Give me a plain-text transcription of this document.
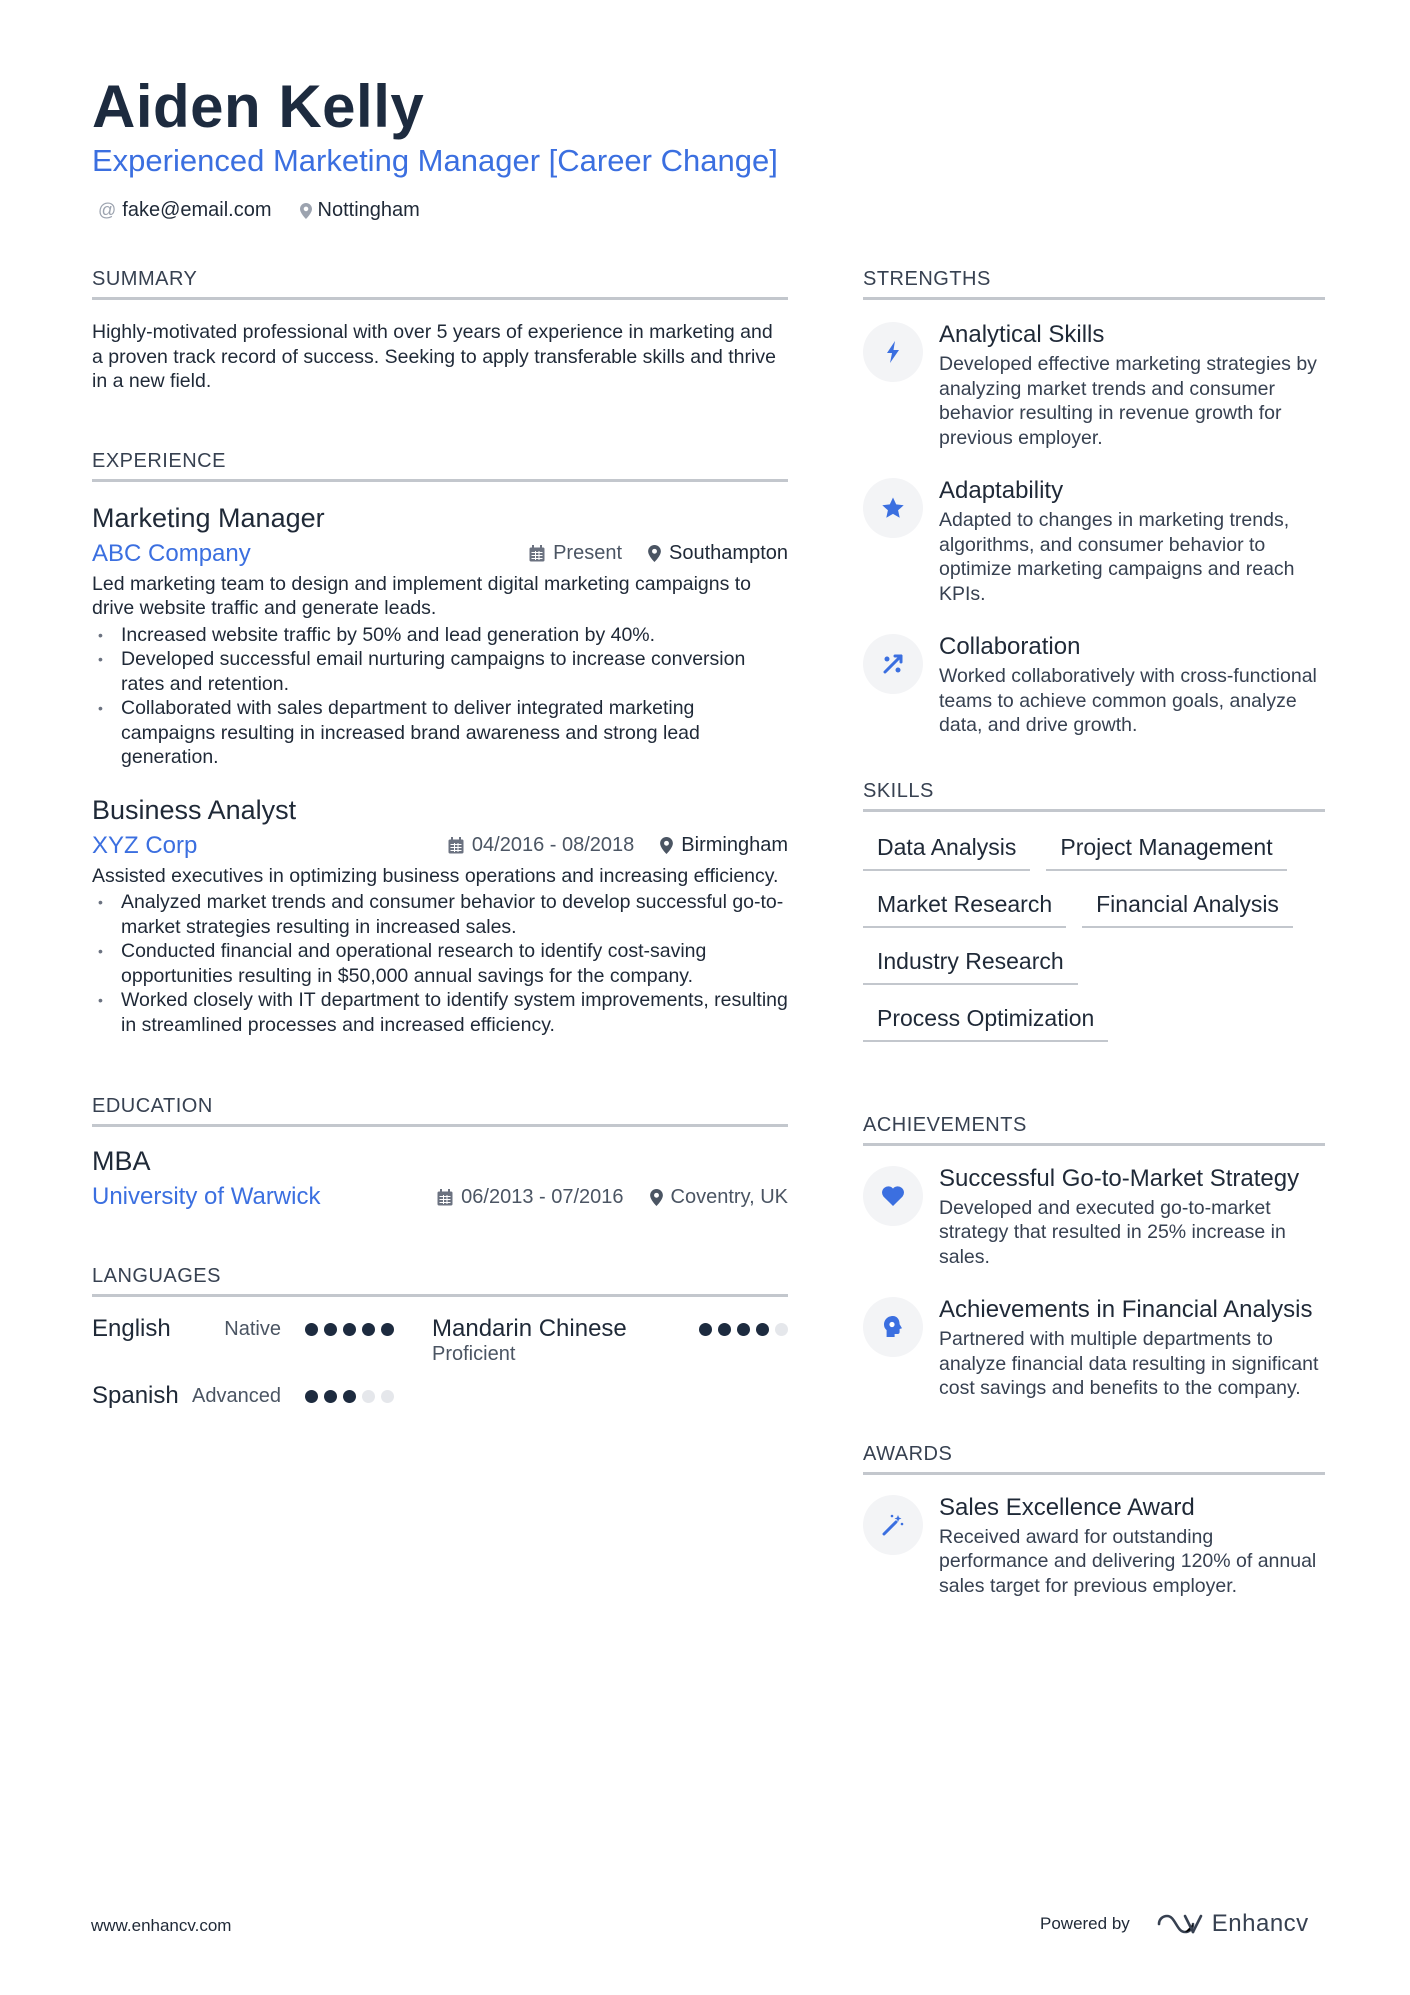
Aiden Kelly
Experienced Marketing Manager [Career Change]
@ fake@email.com Nottingham
SUMMARY
Highly-motivated professional with over 5 years of experience in marketing and a proven track record of success. Seeking to apply transferable skills and thrive in a new field.
EXPERIENCE
Marketing Manager
ABC Company	Present Southampton
Led marketing team to design and implement digital marketing campaigns to drive website traffic and generate leads.
• Increased website traffic by 50% and lead generation by 40%.
• Developed successful email nurturing campaigns to increase conversion rates and retention.
• Collaborated with sales department to deliver integrated marketing campaigns resulting in increased brand awareness and strong lead generation.
Business Analyst
XYZ Corp	04/2016 - 08/2018 Birmingham
Assisted executives in optimizing business operations and increasing efficiency.
• Analyzed market trends and consumer behavior to develop successful go-to-market strategies resulting in increased sales.
• Conducted financial and operational research to identify cost-saving opportunities resulting in $50,000 annual savings for the company.
• Worked closely with IT department to identify system improvements, resulting in streamlined processes and increased efficiency.
EDUCATION
MBA
University of Warwick	06/2013 - 07/2016 Coventry, UK
LANGUAGES
English	Native	Mandarin Chinese
Proficient
Spanish Advanced
STRENGTHS
Analytical Skills
Developed effective marketing strategies by analyzing market trends and consumer behavior resulting in revenue growth for previous employer.
Adaptability
Adapted to changes in marketing trends, algorithms, and consumer behavior to optimize marketing campaigns and reach KPIs.
Collaboration
Worked collaboratively with cross-functional teams to achieve common goals, analyze data, and drive growth.
SKILLS
Data Analysis	Project Management
Market Research	Financial Analysis
Industry Research
Process Optimization
ACHIEVEMENTS
Successful Go-to-Market Strategy
Developed and executed go-to-market strategy that resulted in 25% increase in sales.
Achievements in Financial Analysis
Partnered with multiple departments to analyze financial data resulting in significant cost savings and benefits to the company.
AWARDS
Sales Excellence Award
Received award for outstanding performance and delivering 120% of annual sales target for previous employer.
www.enhancv.com	Powered by	Enhancv
